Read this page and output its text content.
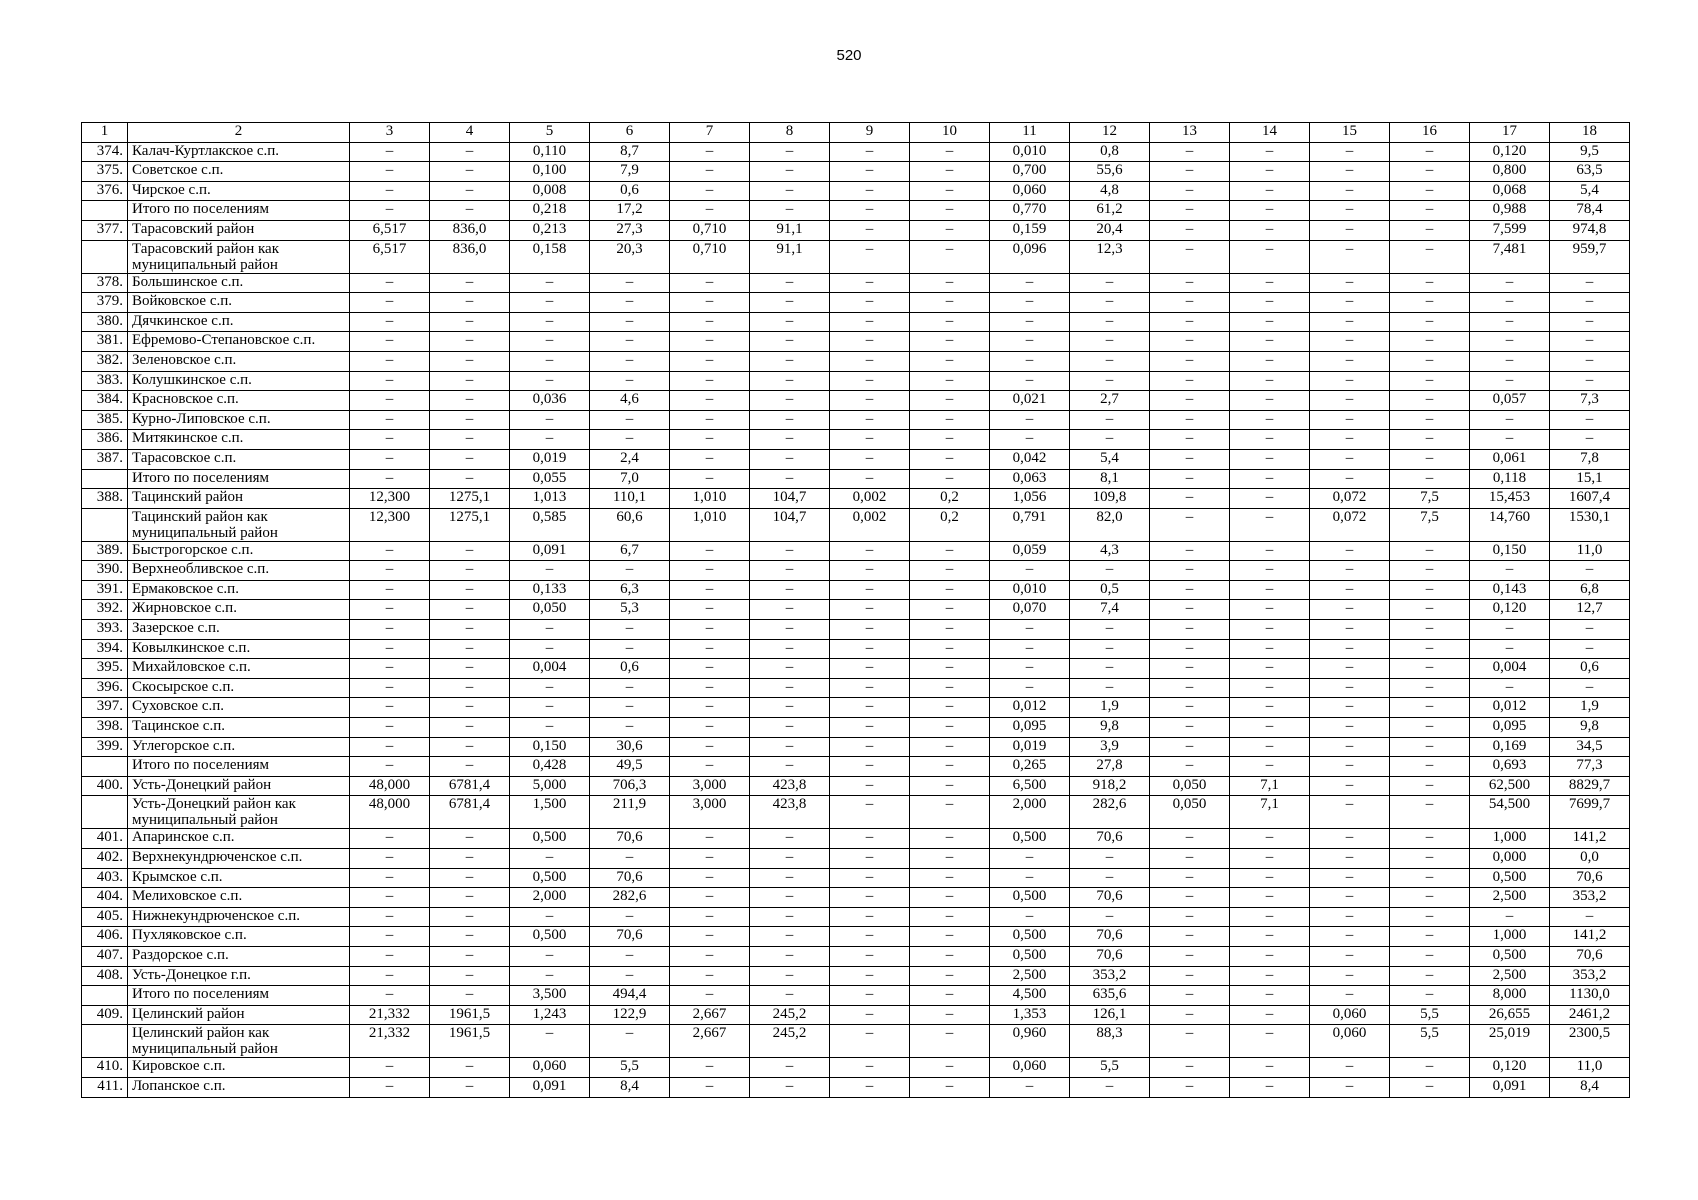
520
1	2	3	4	5	6	7	8	9	10	11	12	13	14	15	16	17	18
374.	Калач-Куртлакское с.п.	–	–	0,110	8,7	–	–	–	–	0,010	0,8	–	–	–	–	0,120	9,5
375.	Советское с.п.	–	–	0,100	7,9	–	–	–	–	0,700	55,6	–	–	–	–	0,800	63,5
376.	Чирское с.п.	–	–	0,008	0,6	–	–	–	–	0,060	4,8	–	–	–	–	0,068	5,4
	Итого по поселениям	–	–	0,218	17,2	–	–	–	–	0,770	61,2	–	–	–	–	0,988	78,4
377.	Тарасовский район	6,517	836,0	0,213	27,3	0,710	91,1	–	–	0,159	20,4	–	–	–	–	7,599	974,8
	Тарасовский район как муниципальный район	6,517	836,0	0,158	20,3	0,710	91,1	–	–	0,096	12,3	–	–	–	–	7,481	959,7
378.	Большинское с.п.	–	–	–	–	–	–	–	–	–	–	–	–	–	–	–	–
379.	Войковское с.п.	–	–	–	–	–	–	–	–	–	–	–	–	–	–	–	–
380.	Дячкинское с.п.	–	–	–	–	–	–	–	–	–	–	–	–	–	–	–	–
381.	Ефремово-Степановское с.п.	–	–	–	–	–	–	–	–	–	–	–	–	–	–	–	–
382.	Зеленовское с.п.	–	–	–	–	–	–	–	–	–	–	–	–	–	–	–	–
383.	Колушкинское с.п.	–	–	–	–	–	–	–	–	–	–	–	–	–	–	–	–
384.	Красновское с.п.	–	–	0,036	4,6	–	–	–	–	0,021	2,7	–	–	–	–	0,057	7,3
385.	Курно-Липовское с.п.	–	–	–	–	–	–	–	–	–	–	–	–	–	–	–	–
386.	Митякинское с.п.	–	–	–	–	–	–	–	–	–	–	–	–	–	–	–	–
387.	Тарасовское с.п.	–	–	0,019	2,4	–	–	–	–	0,042	5,4	–	–	–	–	0,061	7,8
	Итого по поселениям	–	–	0,055	7,0	–	–	–	–	0,063	8,1	–	–	–	–	0,118	15,1
388.	Тацинский район	12,300	1275,1	1,013	110,1	1,010	104,7	0,002	0,2	1,056	109,8	–	–	0,072	7,5	15,453	1607,4
	Тацинский район как муниципальный район	12,300	1275,1	0,585	60,6	1,010	104,7	0,002	0,2	0,791	82,0	–	–	0,072	7,5	14,760	1530,1
389.	Быстрогорское с.п.	–	–	0,091	6,7	–	–	–	–	0,059	4,3	–	–	–	–	0,150	11,0
390.	Верхнеобливское с.п.	–	–	–	–	–	–	–	–	–	–	–	–	–	–	–	–
391.	Ермаковское с.п.	–	–	0,133	6,3	–	–	–	–	0,010	0,5	–	–	–	–	0,143	6,8
392.	Жирновское с.п.	–	–	0,050	5,3	–	–	–	–	0,070	7,4	–	–	–	–	0,120	12,7
393.	Зазерское с.п.	–	–	–	–	–	–	–	–	–	–	–	–	–	–	–	–
394.	Ковылкинское с.п.	–	–	–	–	–	–	–	–	–	–	–	–	–	–	–	–
395.	Михайловское с.п.	–	–	0,004	0,6	–	–	–	–	–	–	–	–	–	–	0,004	0,6
396.	Скосырское с.п.	–	–	–	–	–	–	–	–	–	–	–	–	–	–	–	–
397.	Суховское с.п.	–	–	–	–	–	–	–	–	0,012	1,9	–	–	–	–	0,012	1,9
398.	Тацинское с.п.	–	–	–	–	–	–	–	–	0,095	9,8	–	–	–	–	0,095	9,8
399.	Углегорское с.п.	–	–	0,150	30,6	–	–	–	–	0,019	3,9	–	–	–	–	0,169	34,5
	Итого по поселениям	–	–	0,428	49,5	–	–	–	–	0,265	27,8	–	–	–	–	0,693	77,3
400.	Усть-Донецкий район	48,000	6781,4	5,000	706,3	3,000	423,8	–	–	6,500	918,2	0,050	7,1	–	–	62,500	8829,7
	Усть-Донецкий район как муниципальный район	48,000	6781,4	1,500	211,9	3,000	423,8	–	–	2,000	282,6	0,050	7,1	–	–	54,500	7699,7
401.	Апаринское с.п.	–	–	0,500	70,6	–	–	–	–	0,500	70,6	–	–	–	–	1,000	141,2
402.	Верхнекундрюченское с.п.	–	–	–	–	–	–	–	–	–	–	–	–	–	–	0,000	0,0
403.	Крымское с.п.	–	–	0,500	70,6	–	–	–	–	–	–	–	–	–	–	0,500	70,6
404.	Мелиховское с.п.	–	–	2,000	282,6	–	–	–	–	0,500	70,6	–	–	–	–	2,500	353,2
405.	Нижнекундрюченское с.п.	–	–	–	–	–	–	–	–	–	–	–	–	–	–	–	–
406.	Пухляковское с.п.	–	–	0,500	70,6	–	–	–	–	0,500	70,6	–	–	–	–	1,000	141,2
407.	Раздорское с.п.	–	–	–	–	–	–	–	–	0,500	70,6	–	–	–	–	0,500	70,6
408.	Усть-Донецкое г.п.	–	–	–	–	–	–	–	–	2,500	353,2	–	–	–	–	2,500	353,2
	Итого по поселениям	–	–	3,500	494,4	–	–	–	–	4,500	635,6	–	–	–	–	8,000	1130,0
409.	Целинский район	21,332	1961,5	1,243	122,9	2,667	245,2	–	–	1,353	126,1	–	–	0,060	5,5	26,655	2461,2
	Целинский район как муниципальный район	21,332	1961,5	–	–	2,667	245,2	–	–	0,960	88,3	–	–	0,060	5,5	25,019	2300,5
410.	Кировское с.п.	–	–	0,060	5,5	–	–	–	–	0,060	5,5	–	–	–	–	0,120	11,0
411.	Лопанское с.п.	–	–	0,091	8,4	–	–	–	–	–	–	–	–	–	–	0,091	8,4
